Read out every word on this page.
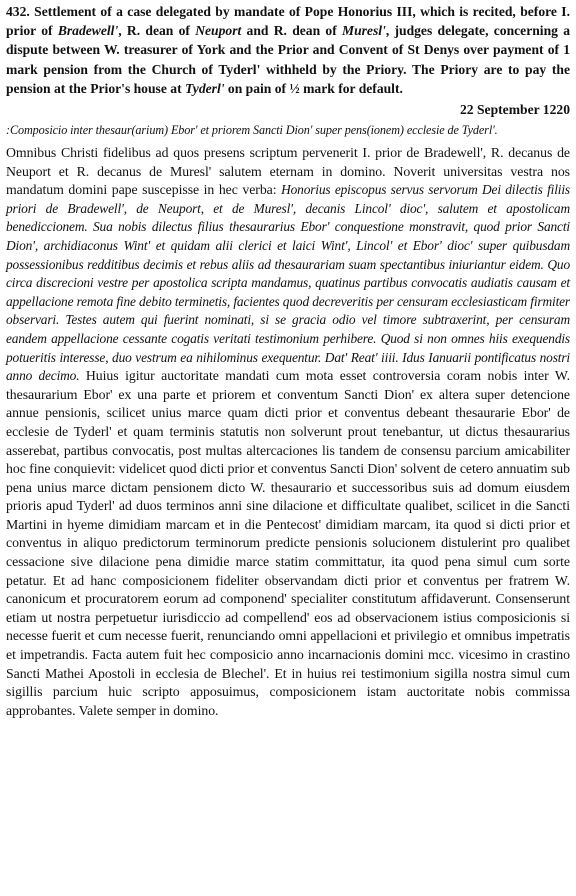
432. Settlement of a case delegated by mandate of Pope Honorius III, which is recited, before I. prior of Bradewell', R. dean of Neuport and R. dean of Muresl', judges delegate, concerning a dispute between W. treasurer of York and the Prior and Convent of St Denys over payment of 1 mark pension from the Church of Tyderl' withheld by the Priory. The Priory are to pay the pension at the Prior's house at Tyderl' on pain of ½ mark for default.

22 September 1220

:Composicio inter thesaur(arium) Ebor' et priorem Sancti Dion' super pens(ionem) ecclesie de Tyderl'.

Omnibus Christi fidelibus ad quos presens scriptum pervenerit I. prior de Bradewell', R. decanus de Neuport et R. decanus de Muresl' salutem eternam in domino. Noverit universitas vestra nos mandatum domini pape suscepisse in hec verba: Honorius episcopus servus servorum Dei dilectis filiis priori de Bradewell', de Neuport, et de Muresl', decanis Lincol' dioc', salutem et apostolicam benediccionem. Sua nobis dilectus filius thesaurarius Ebor' conquestione monstravit, quod prior Sancti Dion', archidiaconus Wint' et quidam alii clerici et laici Wint', Lincol' et Ebor' dioc' super quibusdam possessionibus redditibus decimis et rebus aliis ad thesaurariam suam spectantibus iniuriantur eidem. Quo circa discrecioni vestre per apostolica scripta mandamus, quatinus partibus convocatis audiatis causam et appellacione remota fine debito terminetis, facientes quod decreveritis per censuram ecclesiasticam firmiter observari. Testes autem qui fuerint nominati, si se gracia odio vel timore subtraxerint, per censuram eandem appellacione cessante cogatis veritati testimonium perhibere. Quod si non omnes hiis exequendis potueritis interesse, duo vestrum ea nihilominus exequentur. Dat' Reat' iiii. Idus Ianuarii pontificatus nostri anno decimo. Huius igitur auctoritate mandati cum mota esset controversia coram nobis inter W. thesaurarium Ebor' ex una parte et priorem et conventum Sancti Dion' ex altera super detencione annue pensionis, scilicet unius marce quam dicti prior et conventus debeant thesaurarie Ebor' de ecclesie de Tyderl' et quam terminis statutis non solverunt prout tenebantur, ut dictus thesaurarius asserebat, partibus convocatis, post multas altercaciones lis tandem de consensu parcium amicabiliter hoc fine conquievit: videlicet quod dicti prior et conventus Sancti Dion' solvent de cetero annuatim sub pena unius marce dictam pensionem dicto W. thesaurario et successoribus suis ad domum eiusdem prioris apud Tyderl' ad duos terminos anni sine dilacione et difficultate qualibet, scilicet in die Sancti Martini in hyeme dimidiam marcam et in die Pentecost' dimidiam marcam, ita quod si dicti prior et conventus in aliquo predictorum terminorum predicte pensionis solucionem distulerint pro qualibet cessacione sive dilacione pena dimidie marce statim committatur, ita quod pena simul cum sorte petatur. Et ad hanc composicionem fideliter observandam dicti prior et conventus per fratrem W. canonicum et procuratorem eorum ad componend' specialiter constitutum affidaverunt. Consenserunt etiam ut nostra perpetuetur iurisdiccio ad compellend' eos ad observacionem istius composicionis si necesse fuerit et cum necesse fuerit, renunciando omni appellacioni et privilegio et omnibus impetratis et impetrandis. Facta autem fuit hec composicio anno incarnacionis domini mcc. vicesimo in crastino Sancti Mathei Apostoli in ecclesia de Blechel'. Et in huius rei testimonium sigilla nostra simul cum sigillis parcium huic scripto apposuimus, composicionem istam auctoritate nobis commissa approbantes. Valete semper in domino.
